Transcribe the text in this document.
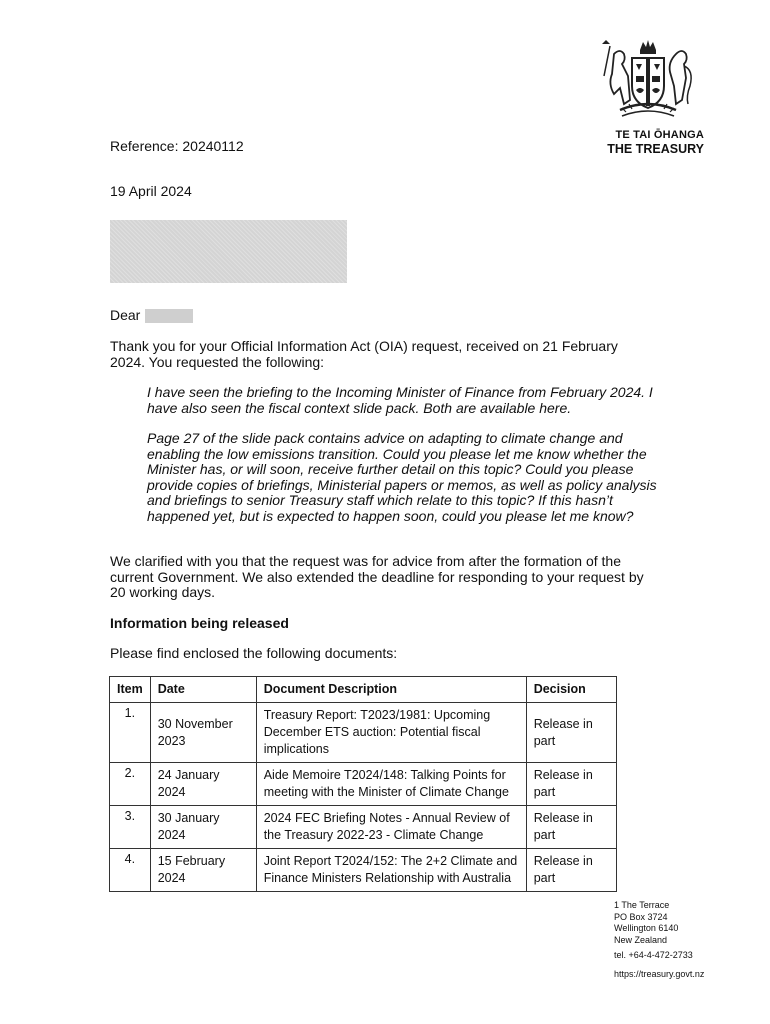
TE TAI ŌHANGA
THE TREASURY
Reference: 20240112
19 April 2024
Dear
Thank you for your Official Information Act (OIA) request, received on 21 February 2024. You requested the following:
I have seen the briefing to the Incoming Minister of Finance from February 2024. I have also seen the fiscal context slide pack. Both are available here.
Page 27 of the slide pack contains advice on adapting to climate change and enabling the low emissions transition. Could you please let me know whether the Minister has, or will soon, receive further detail on this topic? Could you please provide copies of briefings, Ministerial papers or memos, as well as policy analysis and briefings to senior Treasury staff which relate to this topic? If this hasn’t happened yet, but is expected to happen soon, could you please let me know?
We clarified with you that the request was for advice from after the formation of the current Government. We also extended the deadline for responding to your request by 20 working days.
Information being released
Please find enclosed the following documents:
Item	Date	Document Description	Decision
1.	30 November 2023	Treasury Report: T2023/1981: Upcoming December ETS auction: Potential fiscal implications	Release in part
2.	24 January 2024	Aide Memoire T2024/148: Talking Points for meeting with the Minister of Climate Change	Release in part
3.	30 January 2024	2024 FEC Briefing Notes - Annual Review of the Treasury 2022-23 - Climate Change	Release in part
4.	15 February 2024	Joint Report T2024/152: The 2+2 Climate and Finance Ministers Relationship with Australia	Release in part
1 The Terrace
PO Box 3724
Wellington 6140
New Zealand
tel. +64-4-472-2733
https://treasury.govt.nz
